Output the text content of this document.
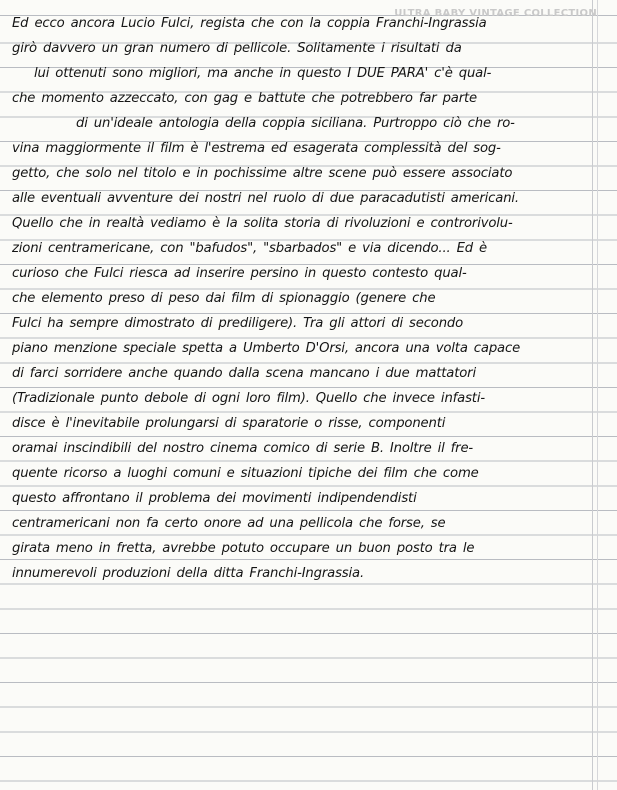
ULTRA BABY VINTAGE COLLECTION
Ed ecco ancora Lucio Fulci, regista che con la coppia Franchi-Ingrassia
girò davvero un gran numero di pellicole. Solitamente i risultati da
lui ottenuti sono migliori, ma anche in questo I DUE PARA' c'è qual-
che momento azzeccato, con gag e battute che potrebbero far parte
di un'ideale antologia della coppia siciliana. Purtroppo ciò che ro-
vina maggiormente il film è l'estrema ed esagerata complessità del sog-
getto, che solo nel titolo e in pochissime altre scene può essere associato
alle eventuali avventure dei nostri nel ruolo di due paracadutisti americani.
Quello che in realtà vediamo è la solita storia di rivoluzioni e controrivolu-
zioni centramericane, con "bafudos", "sbarbados" e via dicendo... Ed è
curioso che Fulci riesca ad inserire persino in questo contesto qual-
che elemento preso di peso dai film di spionaggio (genere che
Fulci ha sempre dimostrato di prediligere). Tra gli attori di secondo
piano menzione speciale spetta a Umberto D'Orsi, ancora una volta capace
di farci sorridere anche quando dalla scena mancano i due mattatori
(Tradizionale punto debole di ogni loro film). Quello che invece infasti-
disce è l'inevitabile prolungarsi di sparatorie o risse, componenti
oramai inscindibili del nostro cinema comico di serie B. Inoltre il fre-
quente ricorso a luoghi comuni e situazioni tipiche dei film che come
questo affrontano il problema dei movimenti indipendendisti
centramericani non fa certo onore ad una pellicola che forse, se
girata meno in fretta, avrebbe potuto occupare un buon posto tra le
innumerevoli produzioni della ditta Franchi-Ingrassia.
